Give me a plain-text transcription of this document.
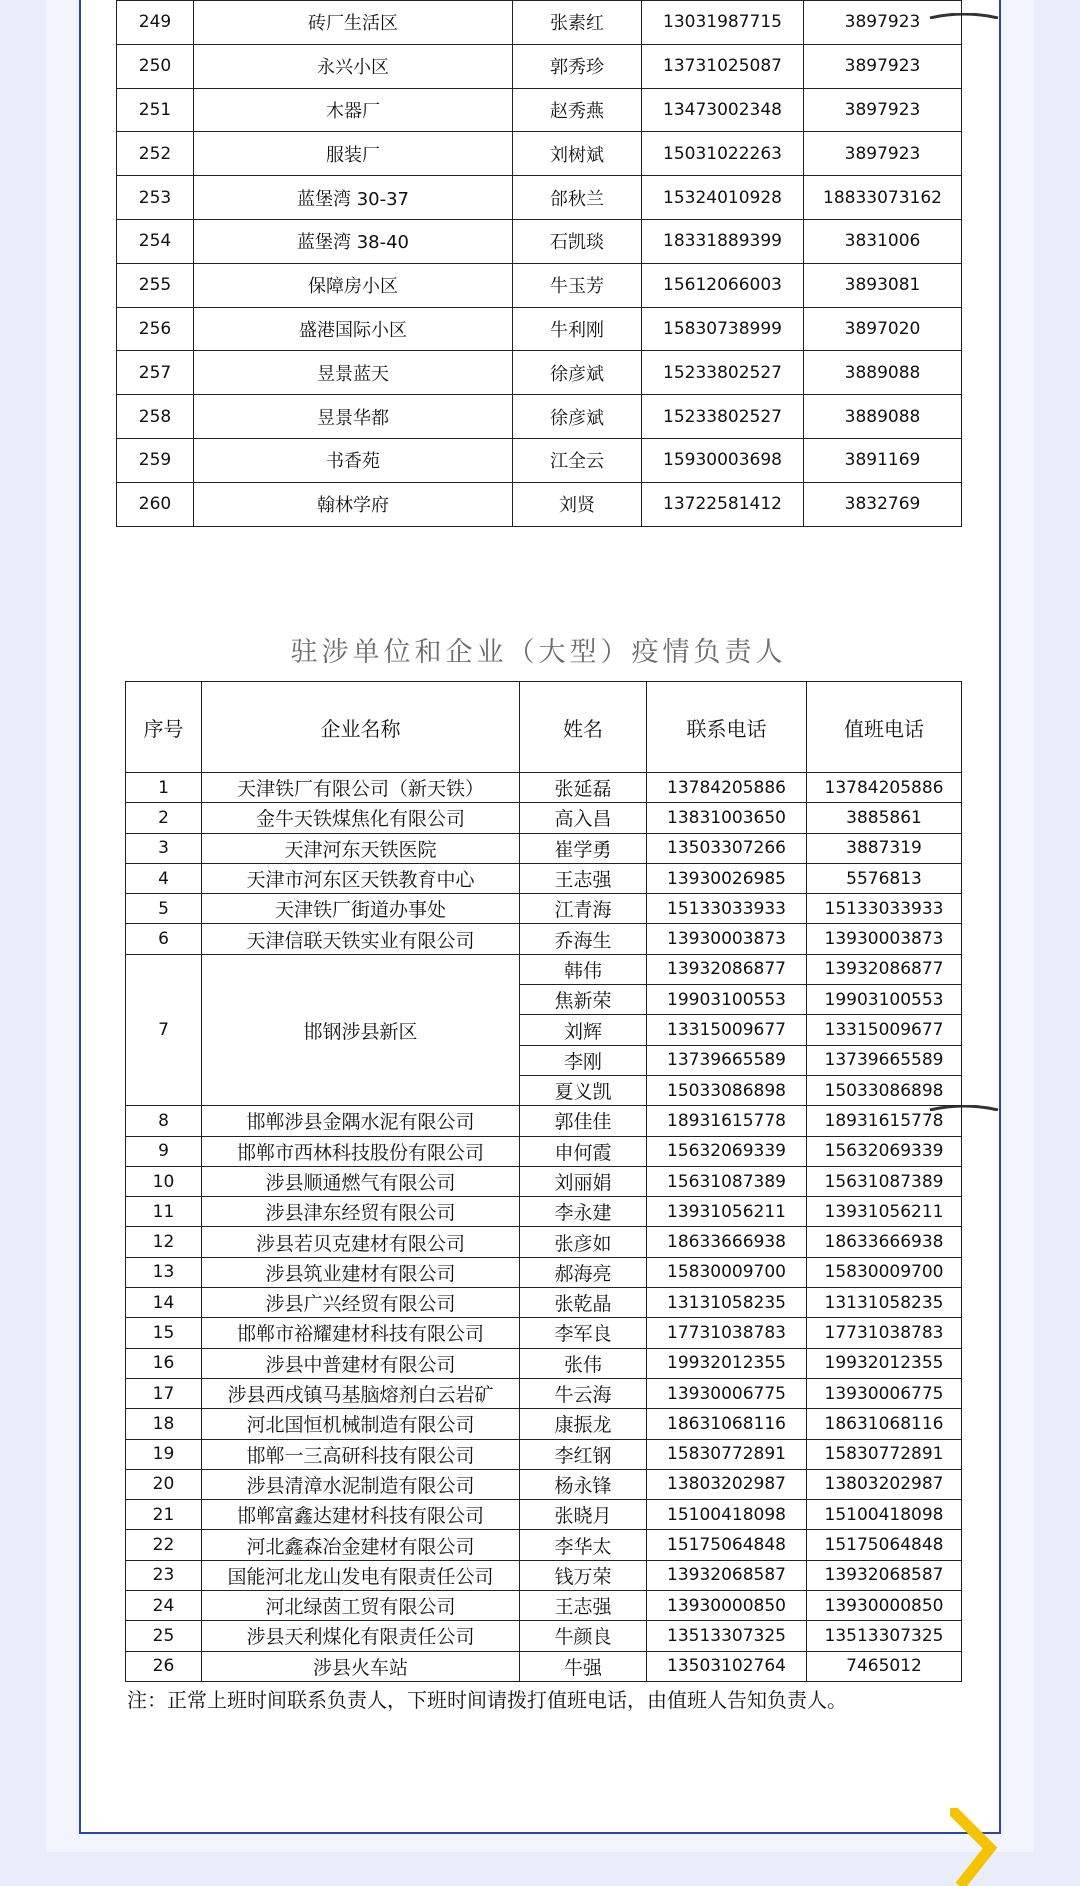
249	砖厂生活区	张素红	13031987715	3897923
250	永兴小区	郭秀珍	13731025087	3897923
251	木器厂	赵秀燕	13473002348	3897923
252	服装厂	刘树斌	15031022263	3897923
253	蓝堡湾 30-37	郃秋兰	15324010928	18833073162
254	蓝堡湾 38-40	石凯琰	18331889399	3831006
255	保障房小区	牛玉芳	15612066003	3893081
256	盛港国际小区	牛利刚	15830738999	3897020
257	昱景蓝天	徐彦斌	15233802527	3889088
258	昱景华都	徐彦斌	15233802527	3889088
259	书香苑	江全云	15930003698	3891169
260	翰林学府	刘贤	13722581412	3832769
驻涉单位和企业（大型）疫情负责人
序号	企业名称	姓名	联系电话	值班电话
1	天津铁厂有限公司（新天铁）	张延磊	13784205886	13784205886
2	金牛天铁煤焦化有限公司	高入昌	13831003650	3885861
3	天津河东天铁医院	崔学勇	13503307266	3887319
4	天津市河东区天铁教育中心	王志强	13930026985	5576813
5	天津铁厂街道办事处	江青海	15133033933	15133033933
6	天津信联天铁实业有限公司	乔海生	13930003873	13930003873
7	邯钢涉县新区	韩伟	13932086877	13932086877
		焦新荣	19903100553	19903100553
		刘辉	13315009677	13315009677
		李刚	13739665589	13739665589
		夏义凯	15033086898	15033086898
8	邯郸涉县金隅水泥有限公司	郭佳佳	18931615778	18931615778
9	邯郸市西林科技股份有限公司	申何霞	15632069339	15632069339
10	涉县顺通燃气有限公司	刘丽娟	15631087389	15631087389
11	涉县津东经贸有限公司	李永建	13931056211	13931056211
12	涉县若贝克建材有限公司	张彦如	18633666938	18633666938
13	涉县筑业建材有限公司	郝海亮	15830009700	15830009700
14	涉县广兴经贸有限公司	张乾晶	13131058235	13131058235
15	邯郸市裕耀建材科技有限公司	李军良	17731038783	17731038783
16	涉县中普建材有限公司	张伟	19932012355	19932012355
17	涉县西戌镇马基脑熔剂白云岩矿	牛云海	13930006775	13930006775
18	河北国恒机械制造有限公司	康振龙	18631068116	18631068116
19	邯郸一三高研科技有限公司	李红钢	15830772891	15830772891
20	涉县清漳水泥制造有限公司	杨永锋	13803202987	13803202987
21	邯郸富鑫达建材科技有限公司	张晓月	15100418098	15100418098
22	河北鑫森冶金建材有限公司	李华太	15175064848	15175064848
23	国能河北龙山发电有限责任公司	钱万荣	13932068587	13932068587
24	河北绿茵工贸有限公司	王志强	13930000850	13930000850
25	涉县天利煤化有限责任公司	牛颜良	13513307325	13513307325
26	涉县火车站	牛强	13503102764	7465012
注：正常上班时间联系负责人，下班时间请拨打值班电话，由值班人告知负责人。
